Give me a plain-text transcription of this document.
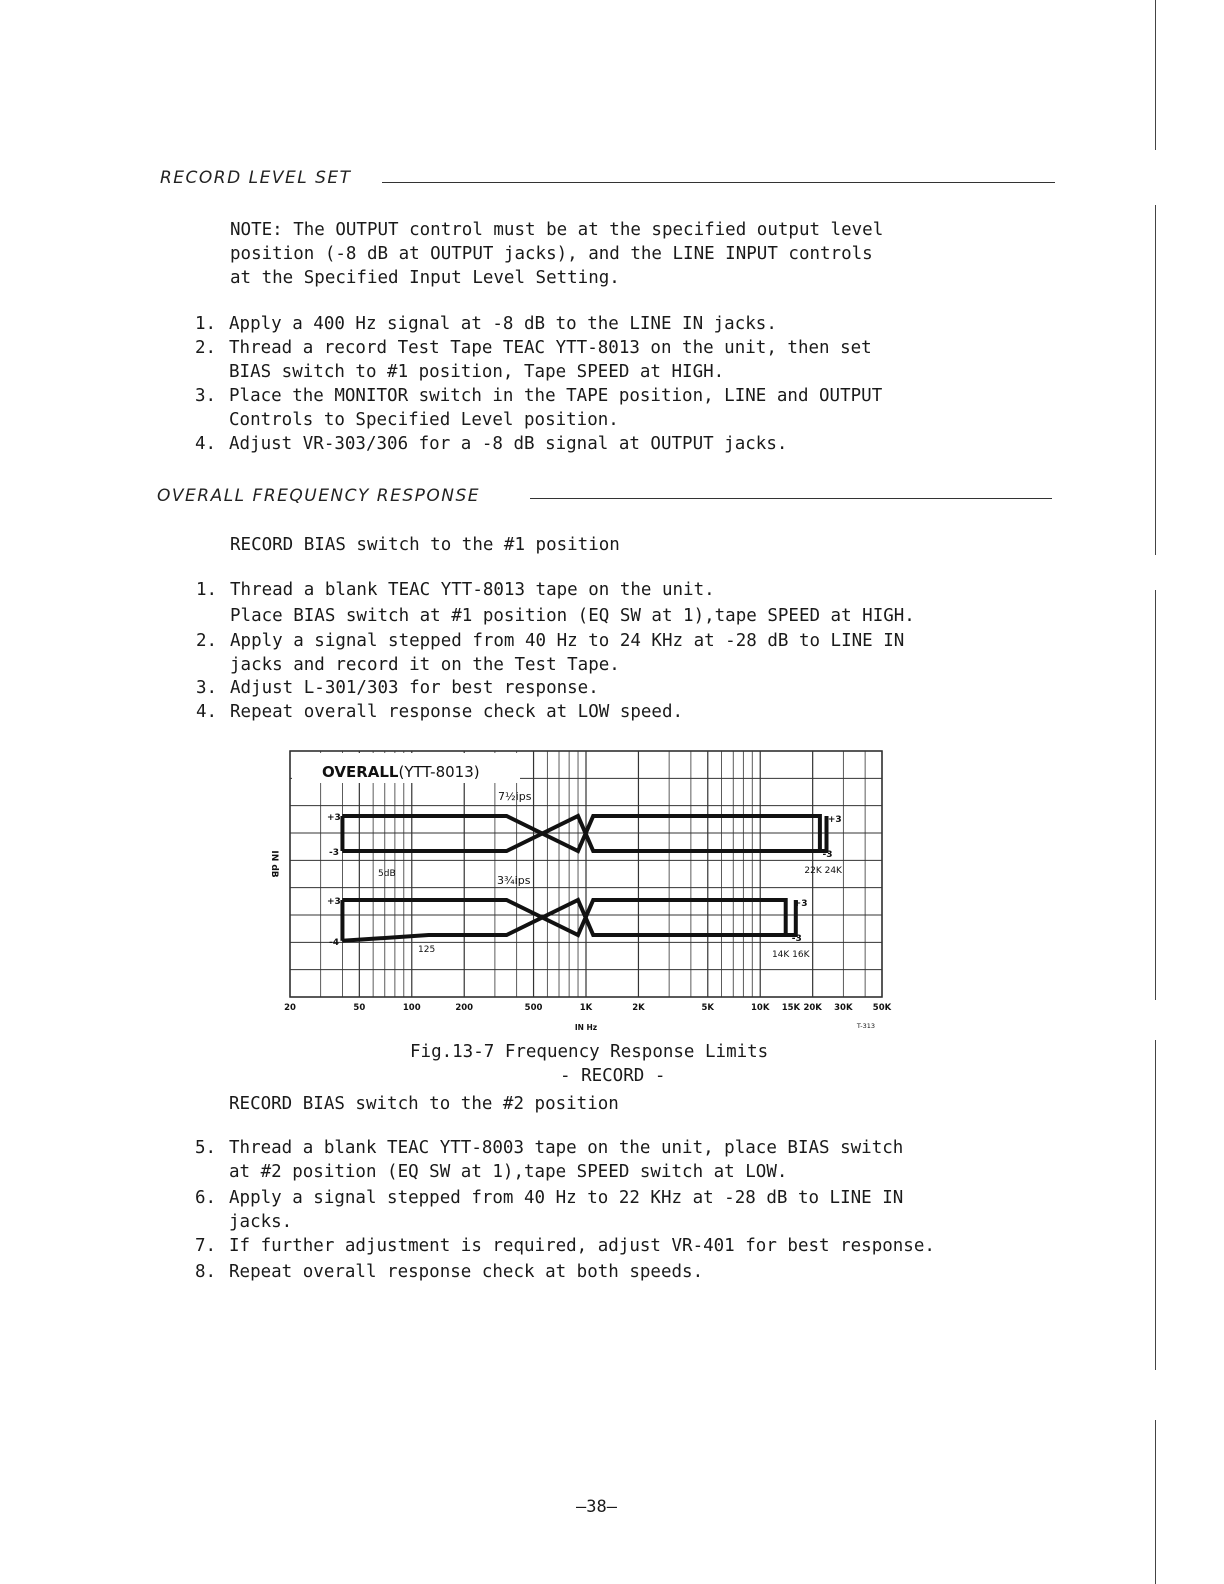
RECORD LEVEL SET
NOTE: The OUTPUT control must be at the specified output level
position (-8 dB at OUTPUT jacks), and the LINE INPUT controls
at the Specified Input Level Setting.
1. Apply a 400 Hz signal at -8 dB to the LINE IN jacks.
2. Thread a record Test Tape TEAC YTT-8013 on the unit, then set
BIAS switch to #1 position, Tape SPEED at HIGH.
3. Place the MONITOR switch in the TAPE position, LINE and OUTPUT
Controls to Specified Level position.
4. Adjust VR-303/306 for a -8 dB signal at OUTPUT jacks.
OVERALL FREQUENCY RESPONSE
RECORD BIAS switch to the #1 position
1. Thread a blank TEAC YTT-8013 tape on the unit.
Place BIAS switch at #1 position (EQ SW at 1),tape SPEED at HIGH.
2. Apply a signal stepped from 40 Hz to 24 KHz at -28 dB to LINE IN
jacks and record it on the Test Tape.
3. Adjust L-301/303 for best response.
4. Repeat overall response check at LOW speed.
20	50	100	200	500	1K	2K	5K	10K 15K 20K 30K 50K
IN Hz	T-313
IN dB
OVERALL(YTT-8013)
+3
-3
+3
-3
22K 24K
5dB
7½ips
+3
-4
+3
-3
14K 16K
125
3¾ips
Fig.13-7 Frequency Response Limits
- RECORD -
RECORD BIAS switch to the #2 position
5. Thread a blank TEAC YTT-8003 tape on the unit, place BIAS switch
at #2 position (EQ SW at 1),tape SPEED switch at LOW.
6. Apply a signal stepped from 40 Hz to 22 KHz at -28 dB to LINE IN
jacks.
7. If further adjustment is required, adjust VR-401 for best response.
8. Repeat overall response check at both speeds.
—38—
